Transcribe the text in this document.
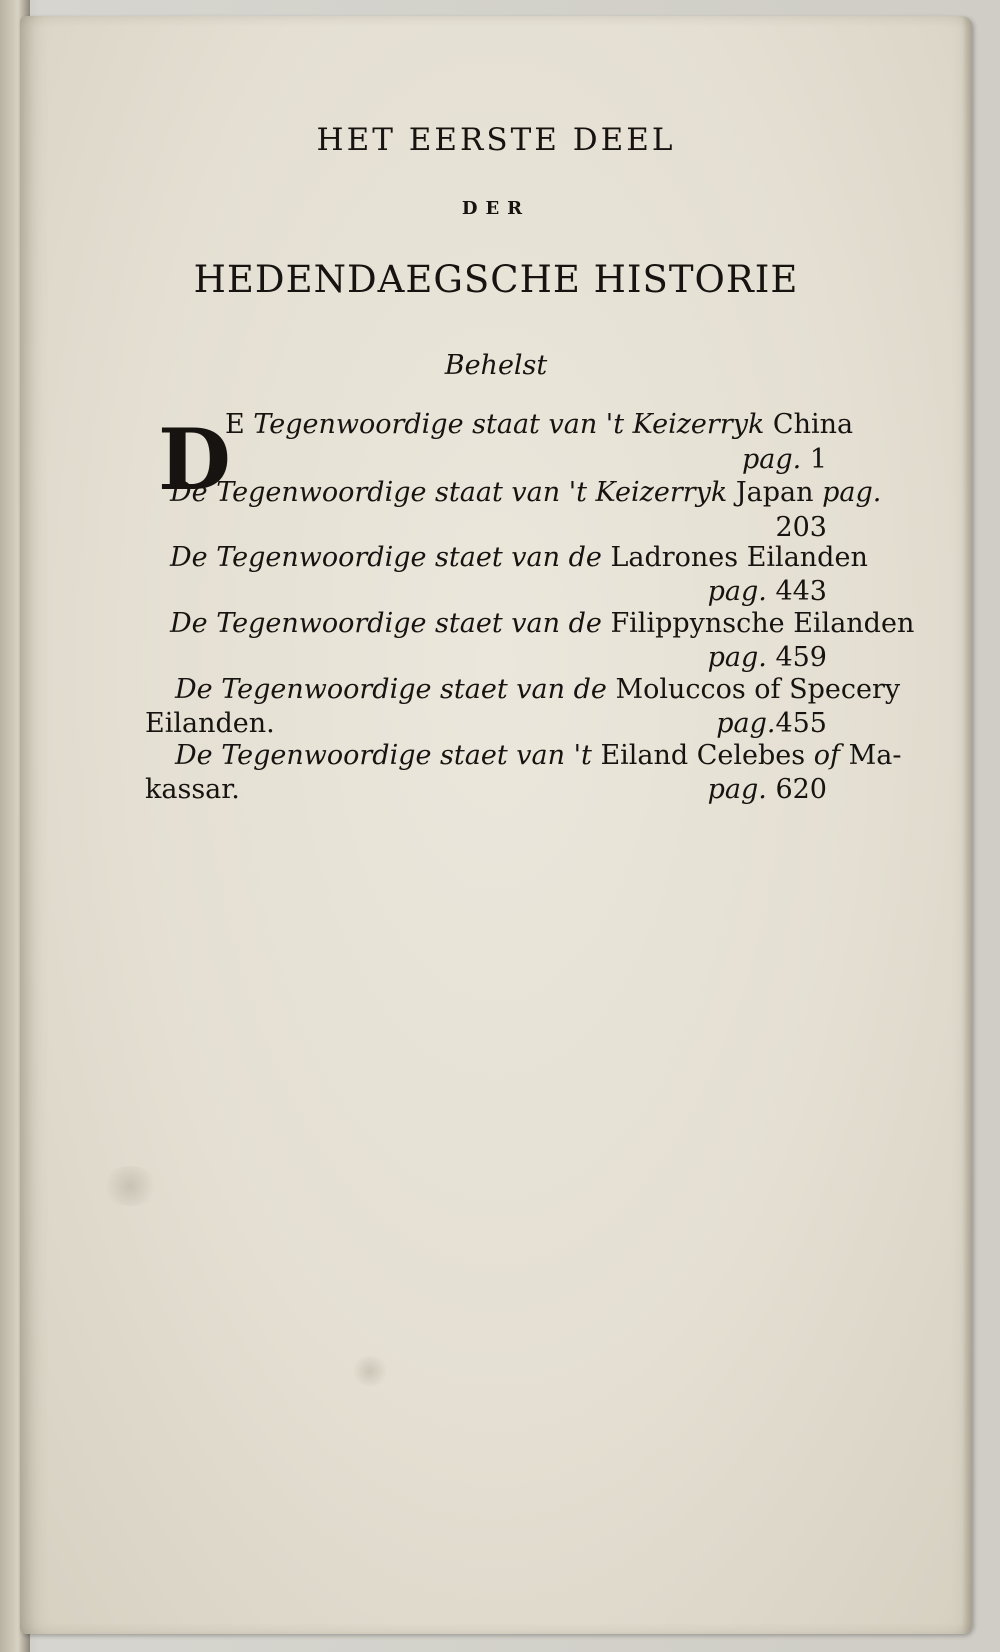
HET EERSTE DEEL
DER
HEDENDAEGSCHE HISTORIE
Behelst
D
E Tegenwoordige staat van 't Keizerryk China
pag. 1
De Tegenwoordige staat van 't Keizerryk Japan pag.
203
De Tegenwoordige staet van de Ladrones Eilanden
pag. 443
De Tegenwoordige staet van de Filippynsche Eilanden
pag. 459
De Tegenwoordige staet van de Moluccos of Specery
Eilanden.	pag.455
De Tegenwoordige staet van 't Eiland Celebes of Ma-
kassar.	pag. 620
